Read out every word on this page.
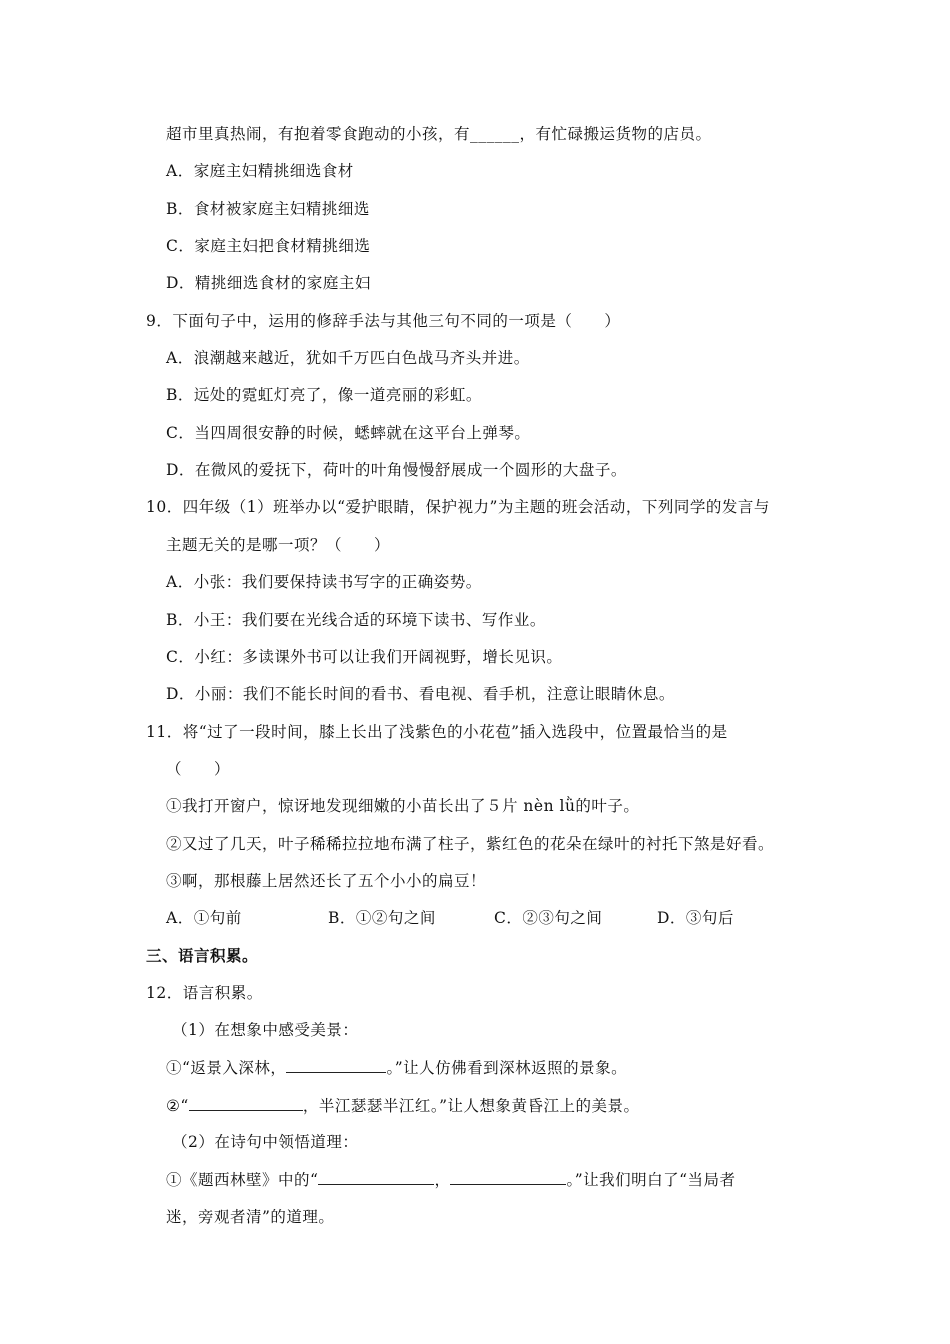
超市里真热闹，有抱着零食跑动的小孩，有______，有忙碌搬运货物的店员。
A．家庭主妇精挑细选食材
B．食材被家庭主妇精挑细选
C．家庭主妇把食材精挑细选
D．精挑细选食材的家庭主妇
9．下面句子中，运用的修辞手法与其他三句不同的一项是（　　）
A．浪潮越来越近，犹如千万匹白色战马齐头并进。
B．远处的霓虹灯亮了，像一道亮丽的彩虹。
C．当四周很安静的时候，蟋蟀就在这平台上弹琴。
D．在微风的爱抚下，荷叶的叶角慢慢舒展成一个圆形的大盘子。
10．四年级（1）班举办以“爱护眼睛，保护视力”为主题的班会活动，下列同学的发言与
主题无关的是哪一项？（　　）
A．小张：我们要保持读书写字的正确姿势。
B．小王：我们要在光线合适的环境下读书、写作业。
C．小红：多读课外书可以让我们开阔视野，增长见识。
D．小丽：我们不能长时间的看书、看电视、看手机，注意让眼睛休息。
11．将“过了一段时间，膝上长出了浅紫色的小花苞”插入选段中，位置最恰当的是
（　　）
①我打开窗户，惊讶地发现细嫩的小苗长出了５片 nèn lǜ的叶子。
②又过了几天，叶子稀稀拉拉地布满了柱子，紫红色的花朵在绿叶的衬托下煞是好看。
③啊，那根藤上居然还长了五个小小的扁豆！
A．①句前	B．①②句之间	C．②③句之间	D．③句后
三、语言积累。
12．语言积累。
（1）在想象中感受美景：
①“返景入深林，	。”让人仿佛看到深林返照的景象。
②“	，半江瑟瑟半江红。”让人想象黄昏江上的美景。
（2）在诗句中领悟道理：
①《题西林壁》中的“	，	。”让我们明白了“当局者
迷，旁观者清”的道理。
